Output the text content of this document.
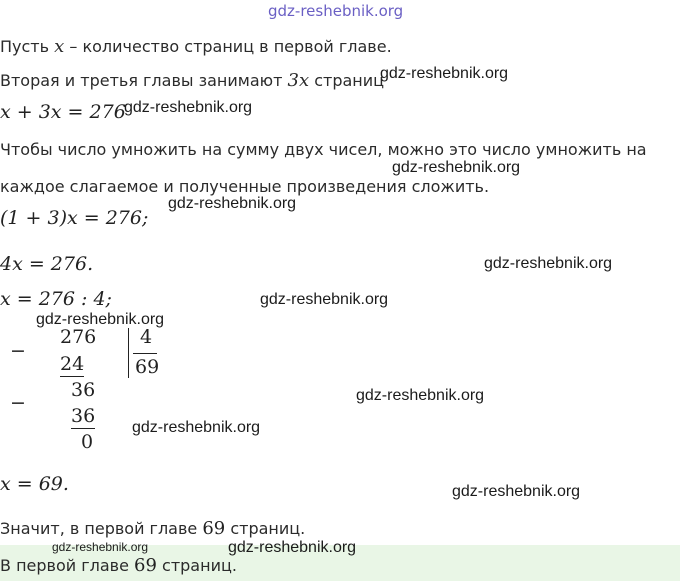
gdz-reshebnik.org
Пусть x – количество страниц в первой главе.
Вторая и третья главы занимают 3x страниц
gdz-reshebnik.org
x + 3x = 276
gdz-reshebnik.org
Чтобы число умножить на сумму двух чисел, можно это число умножить на
gdz-reshebnik.org
каждое слагаемое и полученные произведения сложить.
(1 + 3)x = 276;
gdz-reshebnik.org
4x = 276.	gdz-reshebnik.org
x = 276 : 4;	gdz-reshebnik.org
gdz-reshebnik.org
−
276 4
24	69
36
−
36
0
gdz-reshebnik.org
gdz-reshebnik.org
x = 69.	gdz-reshebnik.org
Значит, в первой главе 69 страниц.
gdz-reshebnik.org	gdz-reshebnik.org
В первой главе 69 страниц.
